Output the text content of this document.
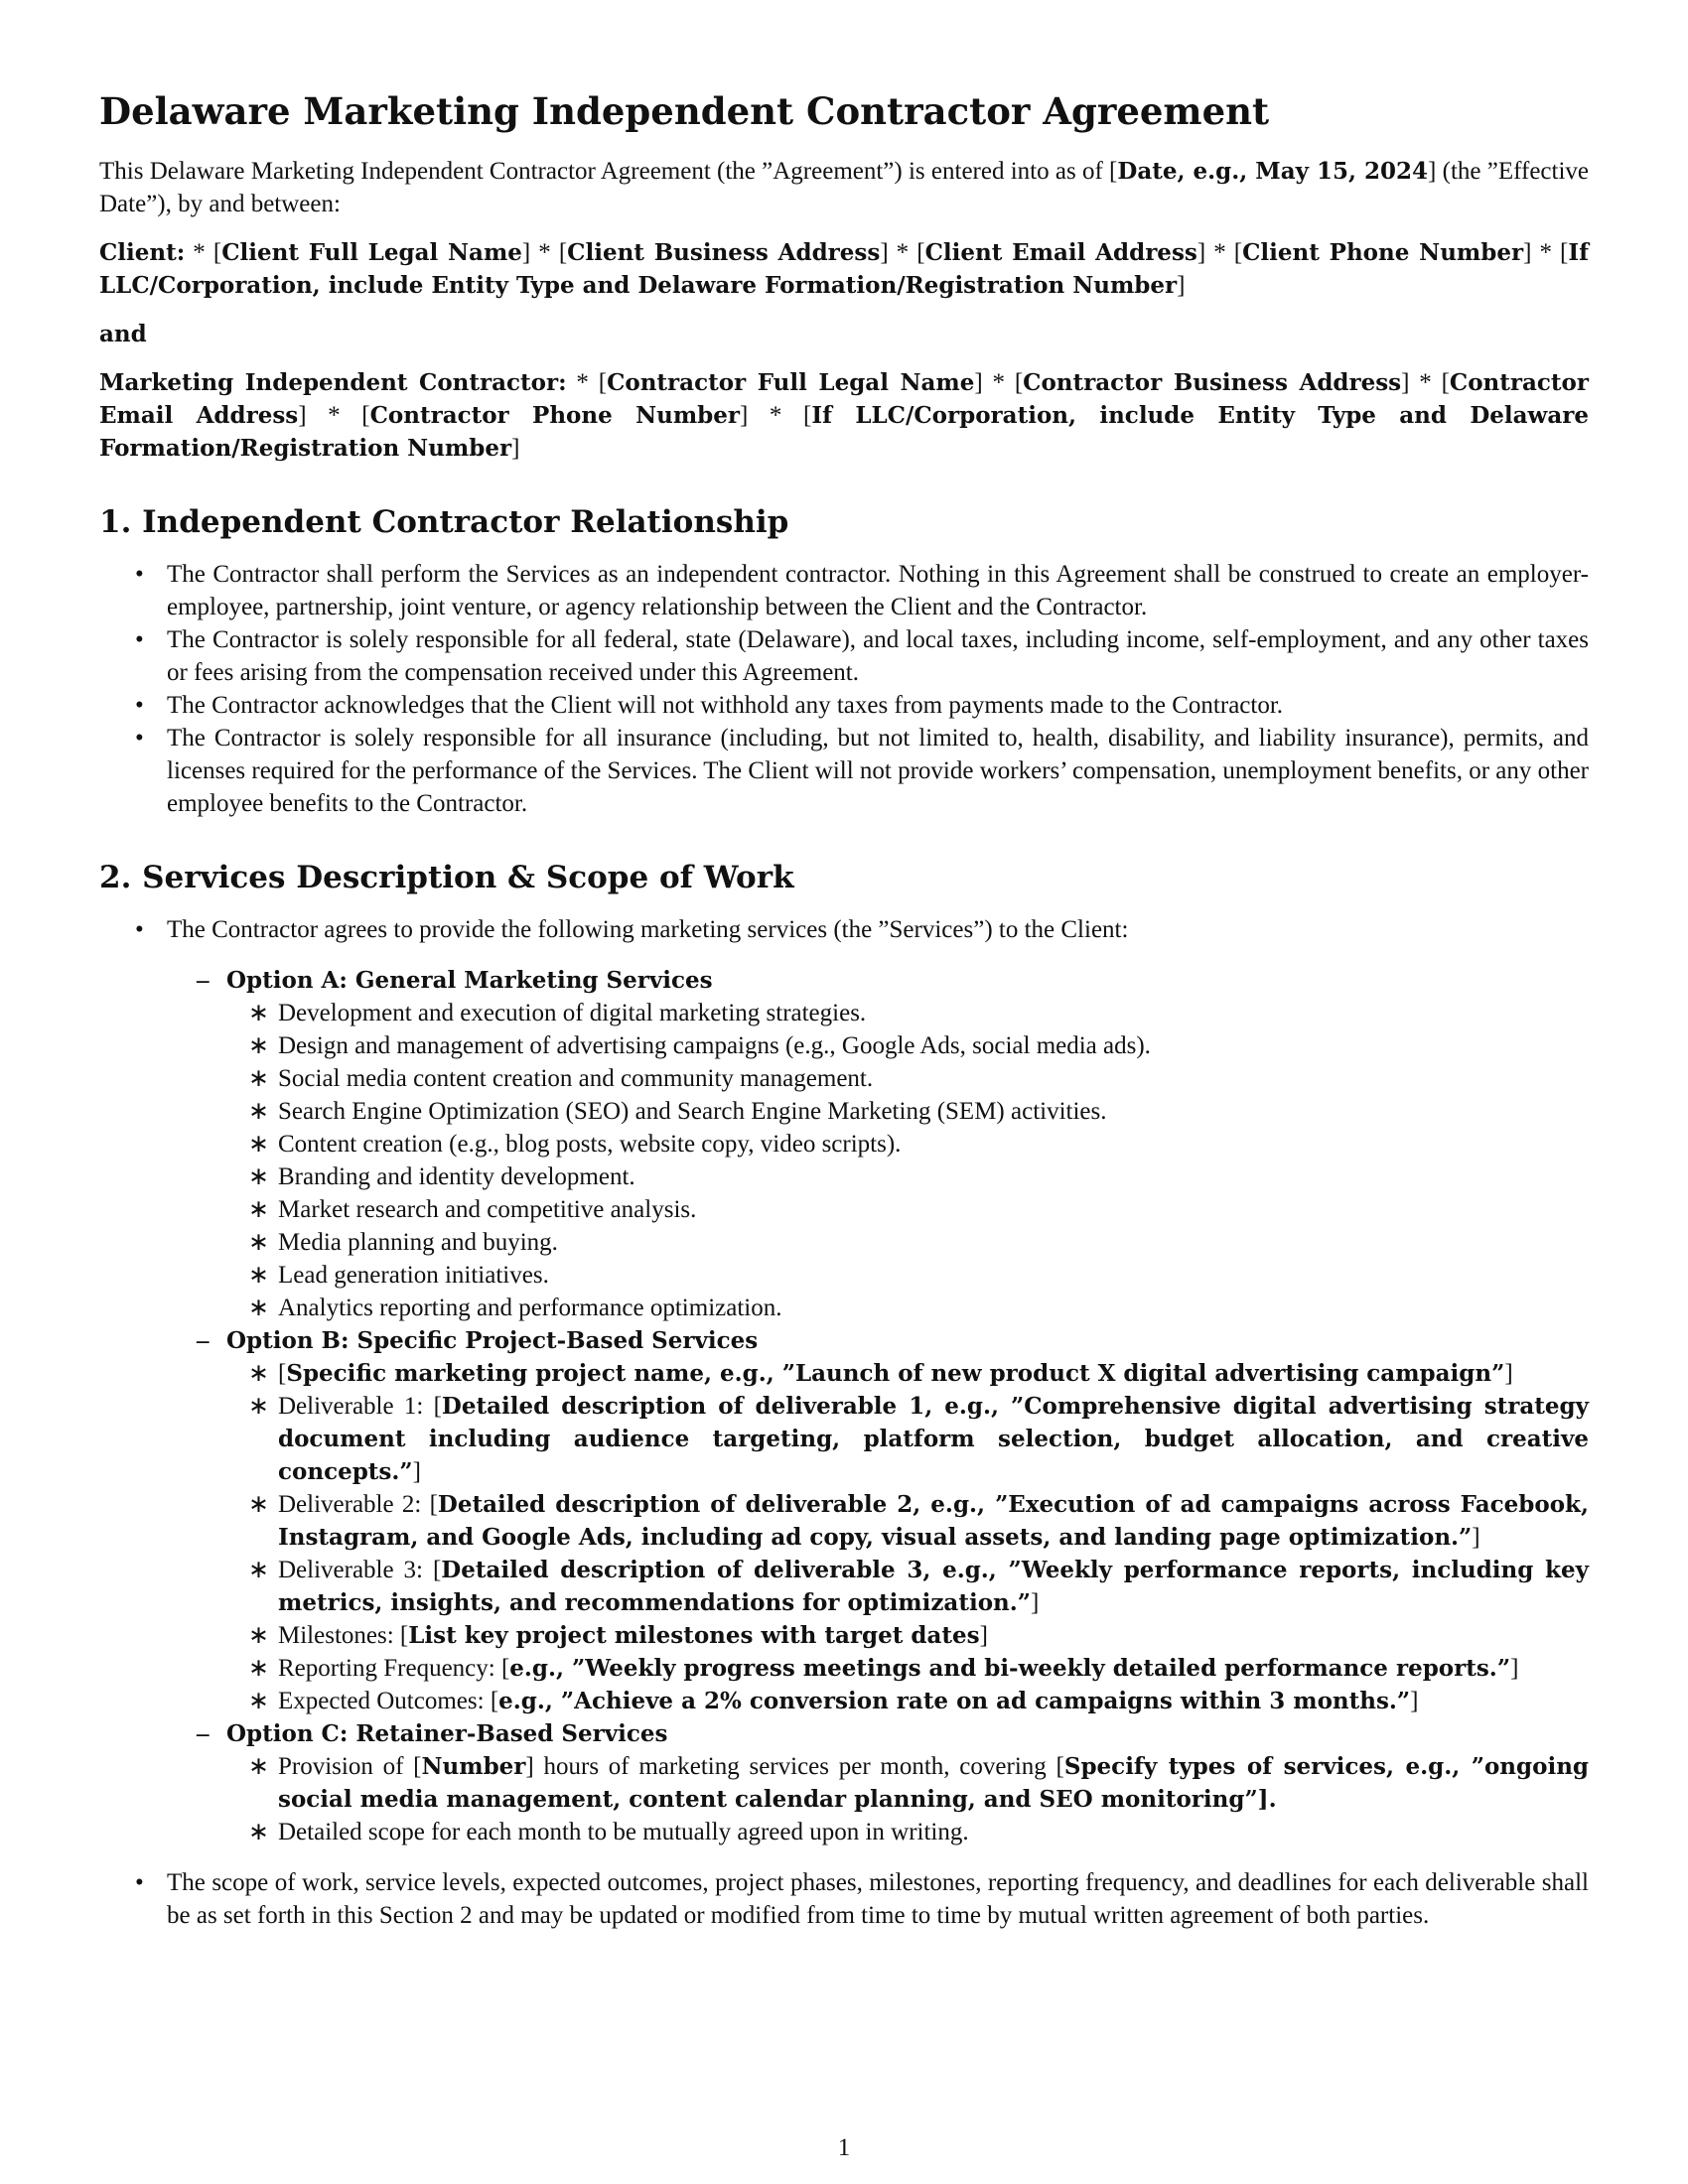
Delaware Marketing Independent Contractor Agreement

This Delaware Marketing Independent Contractor Agreement (the ”Agreement”) is entered into as of [Date, e.g., May 15, 2024] (the ”Effective Date”), by and between:

Client: * [Client Full Legal Name] * [Client Business Address] * [Client Email Address] * [Client Phone Number] * [If LLC/Corporation, include Entity Type and Delaware Formation/Registration Number]

and

Marketing Independent Contractor: * [Contractor Full Legal Name] * [Contractor Business Address] * [Contractor Email Address] * [Contractor Phone Number] * [If LLC/Corporation, include Entity Type and Delaware Formation/Registration Number]

1. Independent Contractor Relationship
• The Contractor shall perform the Services as an independent contractor. Nothing in this Agreement shall be construed to create an employer-employee, partnership, joint venture, or agency relationship between the Client and the Contractor.
• The Contractor is solely responsible for all federal, state (Delaware), and local taxes, including income, self-employment, and any other taxes or fees arising from the compensation received under this Agreement.
• The Contractor acknowledges that the Client will not withhold any taxes from payments made to the Contractor.
• The Contractor is solely responsible for all insurance (including, but not limited to, health, disability, and liability insurance), permits, and licenses required for the performance of the Services. The Client will not provide workers’ compensation, unemployment benefits, or any other employee benefits to the Contractor.
2. Services Description & Scope of Work
• The Contractor agrees to provide the following marketing services (the ”Services”) to the Client:
– Option A: General Marketing Services
∗ Development and execution of digital marketing strategies.
∗ Design and management of advertising campaigns (e.g., Google Ads, social media ads).
∗ Social media content creation and community management.
∗ Search Engine Optimization (SEO) and Search Engine Marketing (SEM) activities.
∗ Content creation (e.g., blog posts, website copy, video scripts).
∗ Branding and identity development.
∗ Market research and competitive analysis.
∗ Media planning and buying.
∗ Lead generation initiatives.
∗ Analytics reporting and performance optimization.
– Option B: Specific Project-Based Services
∗ [Specific marketing project name, e.g., ”Launch of new product X digital advertising campaign”]
∗ Deliverable 1: [Detailed description of deliverable 1, e.g., ”Comprehensive digital advertising strategy document including audience targeting, platform selection, budget allocation, and creative concepts.”]
∗ Deliverable 2: [Detailed description of deliverable 2, e.g., ”Execution of ad campaigns across Facebook, Instagram, and Google Ads, including ad copy, visual assets, and landing page optimization.”]
∗ Deliverable 3: [Detailed description of deliverable 3, e.g., ”Weekly performance reports, including key metrics, insights, and recommendations for optimization.”]
∗ Milestones: [List key project milestones with target dates]
∗ Reporting Frequency: [e.g., ”Weekly progress meetings and bi-weekly detailed performance reports.”]
∗ Expected Outcomes: [e.g., ”Achieve a 2% conversion rate on ad campaigns within 3 months.”]
– Option C: Retainer-Based Services
∗ Provision of [Number] hours of marketing services per month, covering [Specify types of services, e.g., ”ongoing social media management, content calendar planning, and SEO monitoring”].
∗ Detailed scope for each month to be mutually agreed upon in writing.
• The scope of work, service levels, expected outcomes, project phases, milestones, reporting frequency, and deadlines for each deliverable shall be as set forth in this Section 2 and may be updated or modified from time to time by mutual written agreement of both parties.
1
